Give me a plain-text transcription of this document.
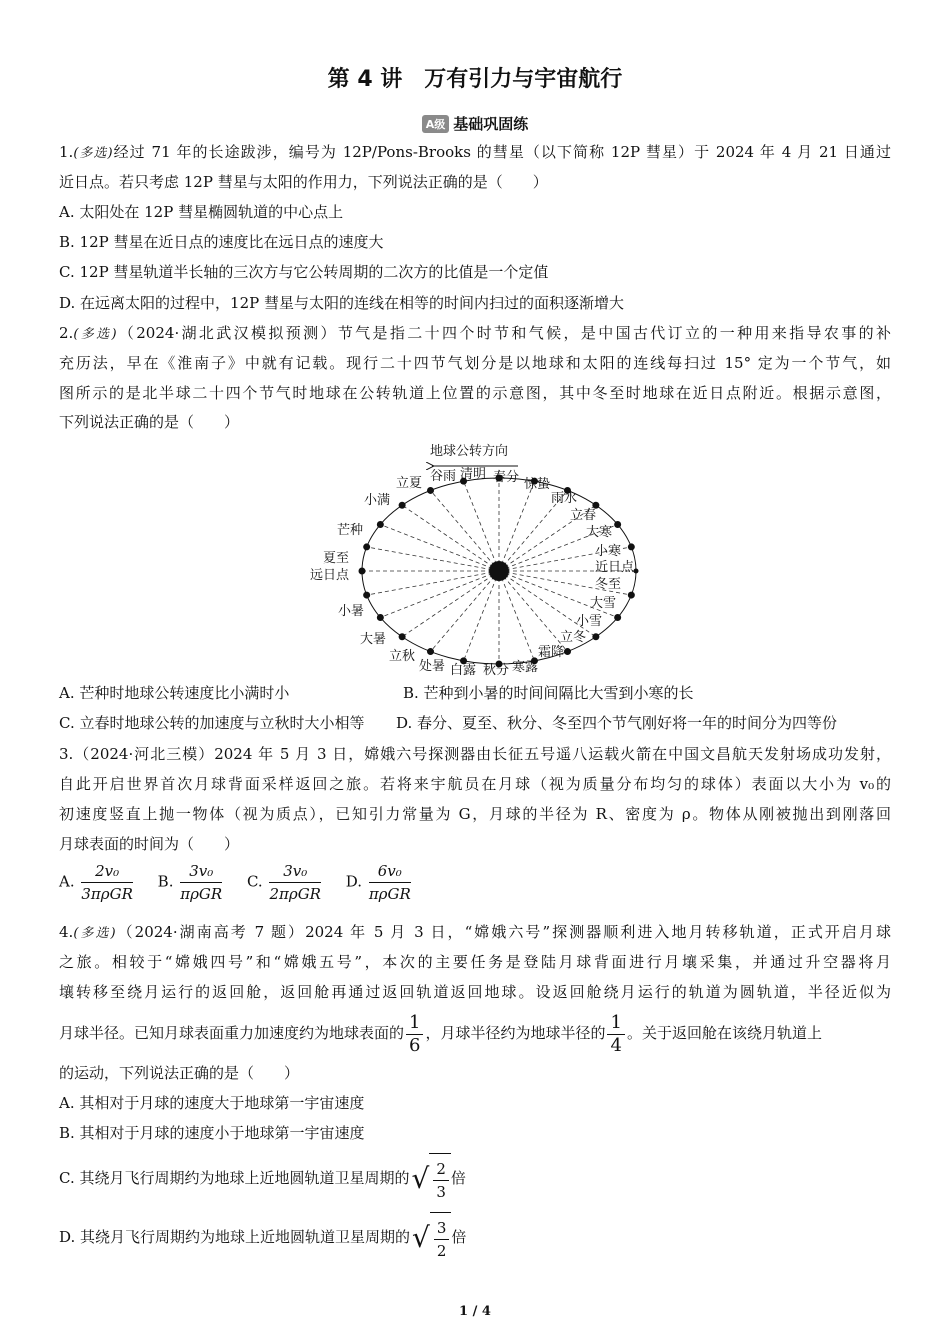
第 4 讲　万有引力与宇宙航行
A级 基础巩固练
1.(多选)经过 71 年的长途跋涉，编号为 12P/Pons-Brooks 的彗星（以下简称 12P 彗星）于 2024 年 4 月 21 日通过
近日点。若只考虑 12P 彗星与太阳的作用力，下列说法正确的是（　　）
A. 太阳处在 12P 彗星椭圆轨道的中心点上
B. 12P 彗星在近日点的速度比在远日点的速度大
C. 12P 彗星轨道半长轴的三次方与它公转周期的二次方的比值是一个定值
D. 在远离太阳的过程中，12P 彗星与太阳的连线在相等的时间内扫过的面积逐渐增大
2.(多选)（2024·湖北武汉模拟预测）节气是指二十四个时节和气候，是中国古代订立的一种用来指导农事的补
充历法，早在《淮南子》中就有记载。现行二十四节气划分是以地球和太阳的连线每扫过 15° 定为一个节气，如
图所示的是北半球二十四个节气时地球在公转轨道上位置的示意图，其中冬至时地球在近日点附近。根据示意图，
下列说法正确的是（　　）
地球公转方向
冬至
小寒
大寒
立春
雨水
惊蛰
春分
清明
谷雨
立夏
小满
芒种
夏至
小暑
大暑
立秋
处暑 白露 秋分 寒露
霜降
立冬
小雪
大雪
近日点
远日点
A. 芒种时地球公转速度比小满时小	B. 芒种到小暑的时间间隔比大雪到小寒的长
C. 立春时地球公转的加速度与立秋时大小相等	D. 春分、夏至、秋分、冬至四个节气刚好将一年的时间分为四等份
3.（2024·河北三模）2024 年 5 月 3 日，嫦娥六号探测器由长征五号遥八运载火箭在中国文昌航天发射场成功发射，
自此开启世界首次月球背面采样返回之旅。若将来宇航员在月球（视为质量分布均匀的球体）表面以大小为 v₀的
初速度竖直上抛一物体（视为质点），已知引力常量为 G，月球的半径为 R、密度为 ρ。物体从刚被抛出到刚落回
月球表面的时间为（　　）
A. $\frac{\text{2v₀}}{\text{3πρGR}} B$. $\frac{\text{3v₀}}{\text{πρGR}} C$. $\frac{\text{3v₀}}{\text{2πρGR}} D$. $\frac{\text{6v₀}}{\text{πρGR}}$
4.(多选)（2024·湖南高考 7 题）2024 年 5 月 3 日，“嫦娥六号”探测器顺利进入地月转移轨道，正式开启月球
之旅。相较于“嫦娥四号”和“嫦娥五号”，本次的主要任务是登陆月球背面进行月壤采集，并通过升空器将月
壤转移至绕月运行的返回舱，返回舱再通过返回轨道返回地球。设返回舱绕月运行的轨道为圆轨道，半径近似为
月球半径。已知月球表面重力加速度约为地球表面的 $\frac{1}{6}$ ，月球半径约为地球半径的 $\frac{1}{4}$ 。关于返回舱在该绕月轨道上
的运动，下列说法正确的是（　　）
A. 其相对于月球的速度大于地球第一宇宙速度
B. 其相对于月球的速度小于地球第一宇宙速度
C. 其绕月飞行周期约为地球上近地圆轨道卫星周期的√ $\frac{2}{3}$ 倍
D. 其绕月飞行周期约为地球上近地圆轨道卫星周期的√ $\frac{3}{2}$ 倍
1 / 4
